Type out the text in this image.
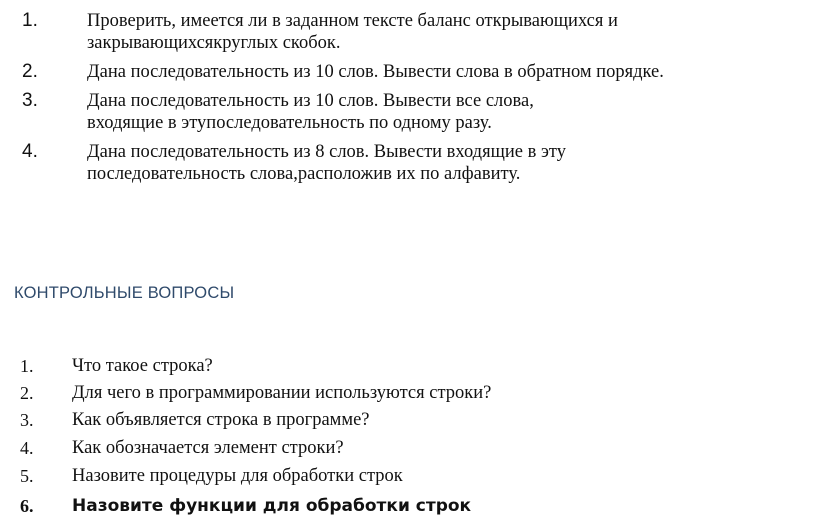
1.	Проверить, имеется ли в заданном тексте баланс открывающихся и
закрывающихсякруглых скобок.
2.	Дана последовательность из 10 слов. Вывести слова в обратном порядке.
3.	Дана последовательность из 10 слов. Вывести все слова,
входящие в этупоследовательность по одному разу.
4.	Дана последовательность из 8 слов. Вывести входящие в эту
последовательность слова,расположив их по алфавиту.
КОНТРОЛЬНЫЕ ВОПРОСЫ
1. Что такое строка?
2. Для чего в программировании используются строки?
3. Как объявляется строка в программе?
4. Как обозначается элемент строки?
5. Назовите процедуры для обработки строк
6. Назовите функции для обработки строк
